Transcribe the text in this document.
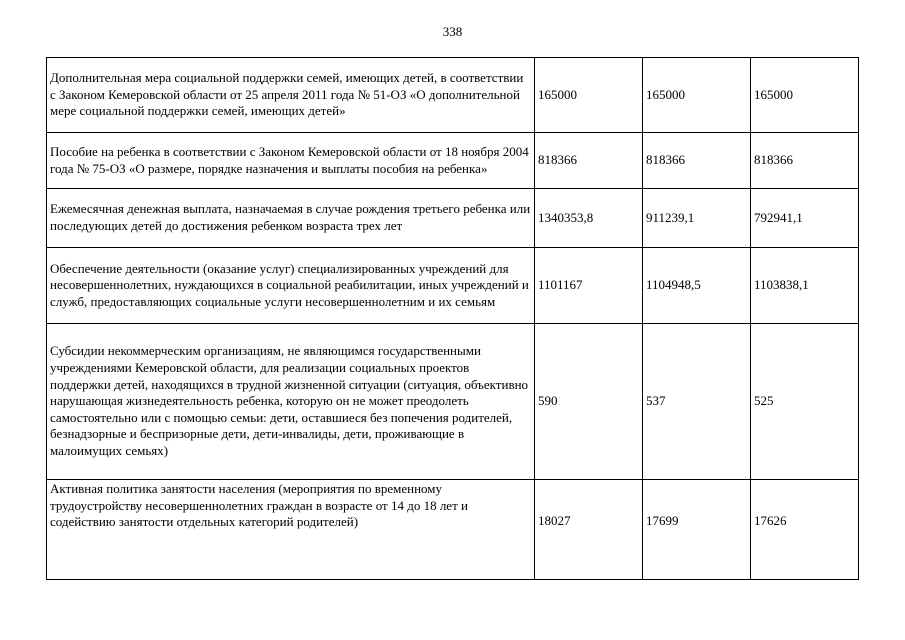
338
Дополнительная мера социальной поддержки семей, имеющих детей, в соответствии с Законом Кемеровской области от 25 апреля 2011 года № 51-ОЗ «О дополнительной мере социальной поддержки семей, имеющих детей»	165000	165000	165000
Пособие на ребенка в соответствии с Законом Кемеровской области от 18 ноября 2004 года № 75-ОЗ «О размере, порядке назначения и выплаты пособия на ребенка»	818366	818366	818366
Ежемесячная денежная выплата, назначаемая в случае рождения третьего ребенка или последующих детей до достижения ребенком возраста трех лет	1340353,8	911239,1	792941,1
Обеспечение деятельности (оказание услуг) специализированных учреждений для несовершеннолетних, нуждающихся в социальной реабилитации, иных учреждений и служб, предоставляющих социальные услуги несовершеннолетним и их семьям	1101167	1104948,5	1103838,1
Субсидии некоммерческим организациям, не являющимся государственными учреждениями Кемеровской области, для реализации социальных проектов поддержки детей, находящихся в трудной жизненной ситуации (ситуация, объективно нарушающая жизнедеятельность ребенка, которую он не может преодолеть самостоятельно или с помощью семьи: дети, оставшиеся без попечения родителей, безнадзорные и беспризорные дети, дети-инвалиды, дети, проживающие в малоимущих семьях)	590	537	525
Активная политика занятости населения (мероприятия по временному трудоустройству несовершеннолетних граждан в возрасте от 14 до 18 лет и содействию занятости отдельных категорий родителей)	18027	17699	17626
